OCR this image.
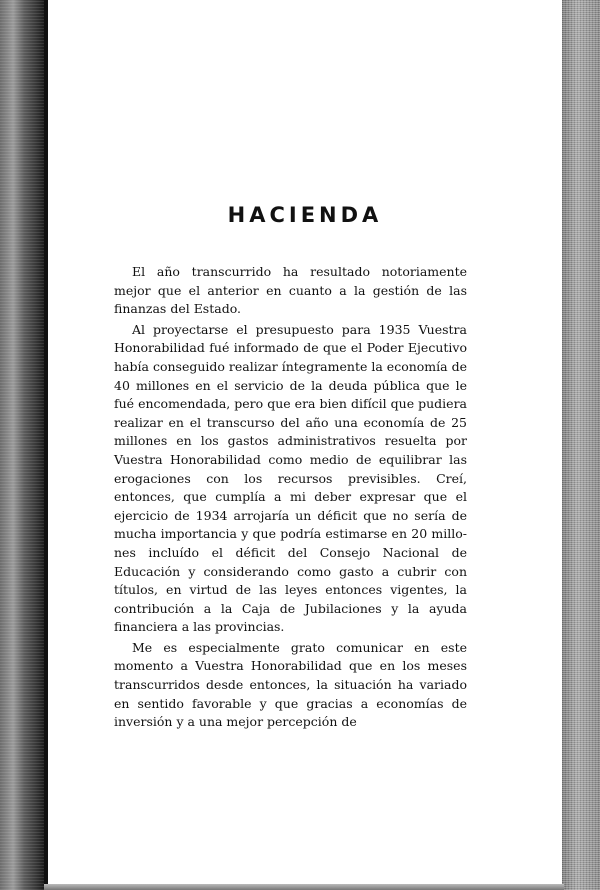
HACIENDA

El año transcurrido ha resultado notoriamente mejor que el anterior en cuanto a la gestión de las finanzas del Estado.

Al proyectarse el presupuesto para 1935 Vuestra Honorabilidad fué informado de que el Poder Ejecutivo había conseguido realizar íntegramente la economía de 40 millones en el servicio de la deuda pública que le fué encomendada, pero que era bien difícil que pudiera realizar en el transcurso del año una economía de 25 millones en los gastos administrativos resuelta por Vuestra Honorabilidad como medio de equilibrar las erogaciones con los recursos previsibles. Creí, entonces, que cumplía a mi deber expresar que el ejercicio de 1934 arrojaría un déficit que no sería de mucha importancia y que podría estimarse en 20 millones incluído el déficit del Consejo Nacional de Educación y considerando como gasto a cubrir con títulos, en virtud de las leyes entonces vigentes, la contribución a la Caja de Jubilaciones y la ayuda financiera a las provincias.

Me es especialmente grato comunicar en este momento a Vuestra Honorabilidad que en los meses transcurridos desde entonces, la situación ha variado en sentido favorable y que gracias a economías de inversión y a una mejor percepción de
